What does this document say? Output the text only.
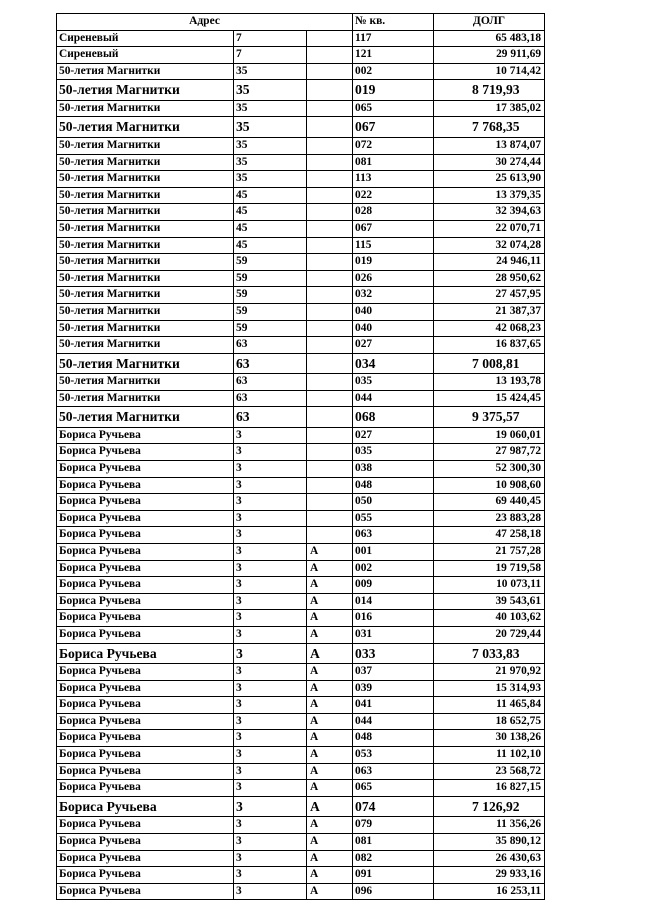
Адрес			№ кв.	ДОЛГ
Сиреневый	7		117	65 483,18
Сиреневый	7		121	29 911,69
50-летия Магнитки	35		002	10 714,42
50-летия Магнитки	35		019	8 719,93
50-летия Магнитки	35		065	17 385,02
50-летия Магнитки	35		067	7 768,35
50-летия Магнитки	35		072	13 874,07
50-летия Магнитки	35		081	30 274,44
50-летия Магнитки	35		113	25 613,90
50-летия Магнитки	45		022	13 379,35
50-летия Магнитки	45		028	32 394,63
50-летия Магнитки	45		067	22 070,71
50-летия Магнитки	45		115	32 074,28
50-летия Магнитки	59		019	24 946,11
50-летия Магнитки	59		026	28 950,62
50-летия Магнитки	59		032	27 457,95
50-летия Магнитки	59		040	21 387,37
50-летия Магнитки	59		040	42 068,23
50-летия Магнитки	63		027	16 837,65
50-летия Магнитки	63		034	7 008,81
50-летия Магнитки	63		035	13 193,78
50-летия Магнитки	63		044	15 424,45
50-летия Магнитки	63		068	9 375,57
Бориса Ручьева	3		027	19 060,01
Бориса Ручьева	3		035	27 987,72
Бориса Ручьева	3		038	52 300,30
Бориса Ручьева	3		048	10 908,60
Бориса Ручьева	3		050	69 440,45
Бориса Ручьева	3		055	23 883,28
Бориса Ручьева	3		063	47 258,18
Бориса Ручьева	3	А	001	21 757,28
Бориса Ручьева	3	А	002	19 719,58
Бориса Ручьева	3	А	009	10 073,11
Бориса Ручьева	3	А	014	39 543,61
Бориса Ручьева	3	А	016	40 103,62
Бориса Ручьева	3	А	031	20 729,44
Бориса Ручьева	3	А	033	7 033,83
Бориса Ручьева	3	А	037	21 970,92
Бориса Ручьева	3	А	039	15 314,93
Бориса Ручьева	3	А	041	11 465,84
Бориса Ручьева	3	А	044	18 652,75
Бориса Ручьева	3	А	048	30 138,26
Бориса Ручьева	3	А	053	11 102,10
Бориса Ручьева	3	А	063	23 568,72
Бориса Ручьева	3	А	065	16 827,15
Бориса Ручьева	3	А	074	7 126,92
Бориса Ручьева	3	А	079	11 356,26
Бориса Ручьева	3	А	081	35 890,12
Бориса Ручьева	3	А	082	26 430,63
Бориса Ручьева	3	А	091	29 933,16
Бориса Ручьева	3	А	096	16 253,11
